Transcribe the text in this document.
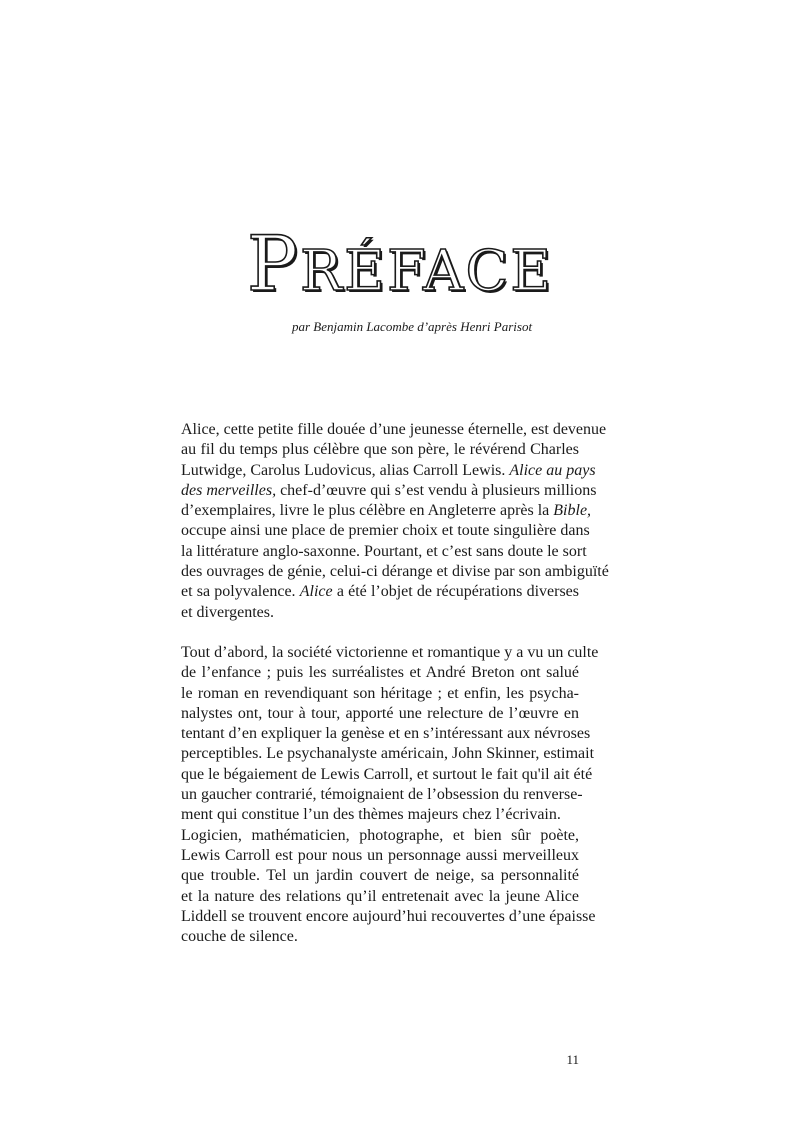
PRÉFACE

par Benjamin Lacombe d’après Henri Parisot

Alice, cette petite fille douée d’une jeunesse éternelle, est devenue
au fil du temps plus célèbre que son père, le révérend Charles
Lutwidge, Carolus Ludovicus, alias Carroll Lewis. Alice au pays
des merveilles, chef-d’œuvre qui s’est vendu à plusieurs millions
d’exemplaires, livre le plus célèbre en Angleterre après la Bible,
occupe ainsi une place de premier choix et toute singulière dans
la littérature anglo-saxonne. Pourtant, et c’est sans doute le sort
des ouvrages de génie, celui-ci dérange et divise par son ambiguïté
et sa polyvalence. Alice a été l’objet de récupérations diverses
et divergentes.

Tout d’abord, la société victorienne et romantique y a vu un culte
de l’enfance ; puis les surréalistes et André Breton ont salué
le roman en revendiquant son héritage ; et enfin, les psycha-
nalystes ont, tour à tour, apporté une relecture de l’œuvre en
tentant d’en expliquer la genèse et en s’intéressant aux névroses
perceptibles. Le psychanalyste américain, John Skinner, estimait
que le bégaiement de Lewis Carroll, et surtout le fait qu'il ait été
un gaucher contrarié, témoignaient de l’obsession du renverse-
ment qui constitue l’un des thèmes majeurs chez l’écrivain.

Logicien, mathématicien, photographe, et bien sûr poète,
Lewis Carroll est pour nous un personnage aussi merveilleux
que trouble. Tel un jardin couvert de neige, sa personnalité
et la nature des relations qu’il entretenait avec la jeune Alice
Liddell se trouvent encore aujourd’hui recouvertes d’une épaisse
couche de silence.

11
